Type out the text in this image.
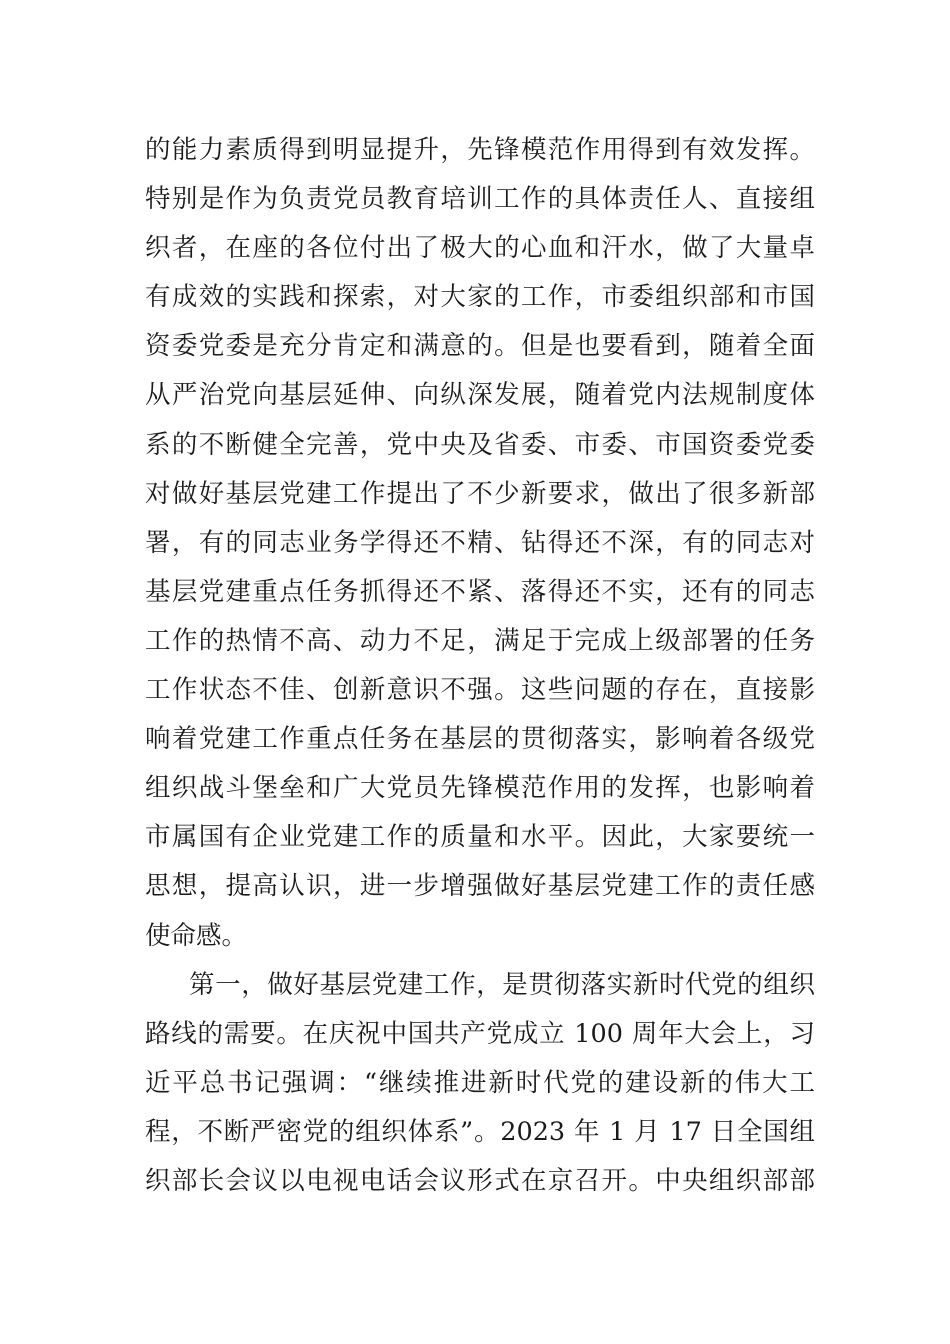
的能力素质得到明显提升，先锋模范作用得到有效发挥。
特别是作为负责党员教育培训工作的具体责任人、直接组
织者，在座的各位付出了极大的心血和汗水，做了大量卓
有成效的实践和探索，对大家的工作，市委组织部和市国
资委党委是充分肯定和满意的。但是也要看到，随着全面
从严治党向基层延伸、向纵深发展，随着党内法规制度体
系的不断健全完善，党中央及省委、市委、市国资委党委
对做好基层党建工作提出了不少新要求，做出了很多新部
署，有的同志业务学得还不精、钻得还不深，有的同志对
基层党建重点任务抓得还不紧、落得还不实，还有的同志
工作的热情不高、动力不足，满足于完成上级部署的任务
工作状态不佳、创新意识不强。这些问题的存在，直接影
响着党建工作重点任务在基层的贯彻落实，影响着各级党
组织战斗堡垒和广大党员先锋模范作用的发挥，也影响着
市属国有企业党建工作的质量和水平。因此，大家要统一
思想，提高认识，进一步增强做好基层党建工作的责任感
使命感。
第一，做好基层党建工作，是贯彻落实新时代党的组织
路线的需要。在庆祝中国共产党成立 100 周年大会上，习
近平总书记强调：“继续推进新时代党的建设新的伟大工
程，不断严密党的组织体系”。2023 年 1 月 17 日全国组
织部长会议以电视电话会议形式在京召开。中央组织部部
